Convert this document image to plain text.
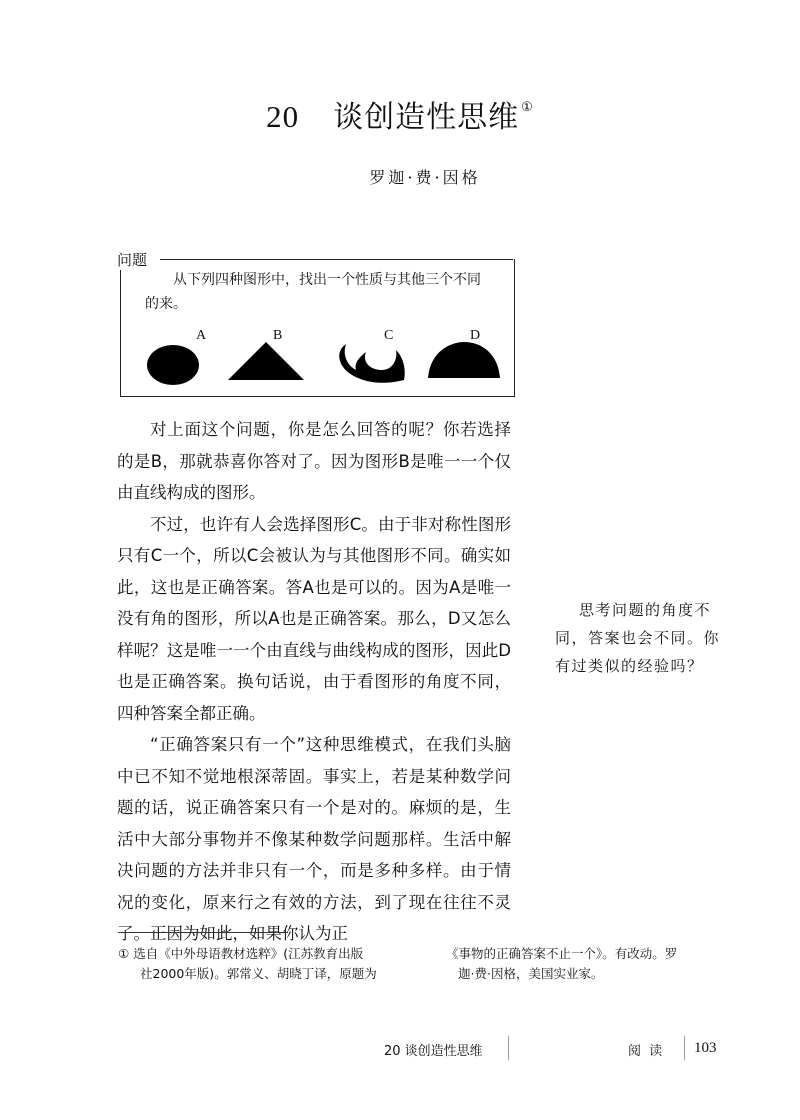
20 谈创造性思维 ①
罗迦·费·因格
问题
从下列四种图形中，找出一个性质与其他三个不同的来。
A	B	C	D

对上面这个问题，你是怎么回答的呢？你若选择的是B，那就恭喜你答对了。因为图形B是唯一一个仅由直线构成的图形。

不过，也许有人会选择图形C。由于非对称性图形只有C一个，所以C会被认为与其他图形不同。确实如此，这也是正确答案。答A也是可以的。因为A是唯一没有角的图形，所以A也是正确答案。那么，D又怎么样呢？这是唯一一个由直线与曲线构成的图形，因此D也是正确答案。换句话说，由于看图形的角度不同，四种答案全都正确。

“正确答案只有一个”这种思维模式，在我们头脑中已不知不觉地根深蒂固。事实上，若是某种数学问题的话，说正确答案只有一个是对的。麻烦的是，生活中大部分事物并不像某种数学问题那样。生活中解决问题的方法并非只有一个，而是多种多样。由于情况的变化，原来行之有效的方法，到了现在往往不灵了。正因为如此，如果你认为正

思考问题的角度不同，答案也会不同。你有过类似的经验吗？
① 选自《中外母语教材选粹》(江苏教育出版
社2000年版)。郭常义、胡晓丁译，原题为
《事物的正确答案不止一个》。有改动。罗
迦·费·因格，美国实业家。
20 谈创造性思维	阅 读 103
